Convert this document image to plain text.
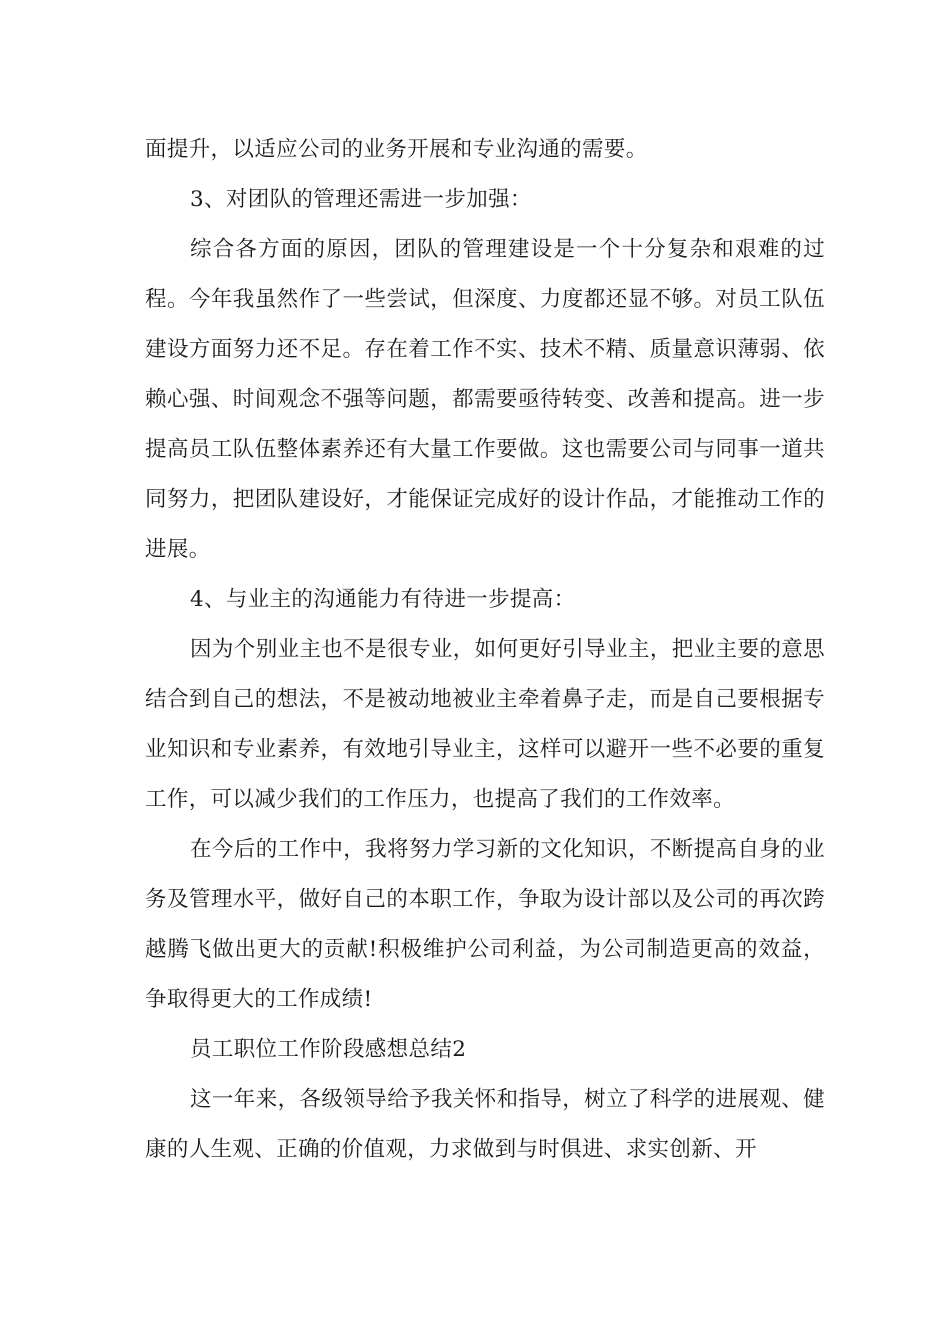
面提升，以适应公司的业务开展和专业沟通的需要。

3、对团队的管理还需进一步加强：

综合各方面的原因，团队的管理建设是一个十分复杂和艰难的过程。今年我虽然作了一些尝试，但深度、力度都还显不够。对员工队伍建设方面努力还不足。存在着工作不实、技术不精、质量意识薄弱、依赖心强、时间观念不强等问题，都需要亟待转变、改善和提高。进一步提高员工队伍整体素养还有大量工作要做。这也需要公司与同事一道共同努力，把团队建设好，才能保证完成好的设计作品，才能推动工作的进展。

4、与业主的沟通能力有待进一步提高：

因为个别业主也不是很专业，如何更好引导业主，把业主要的意思结合到自己的想法，不是被动地被业主牵着鼻子走，而是自己要根据专业知识和专业素养，有效地引导业主，这样可以避开一些不必要的重复工作，可以减少我们的工作压力，也提高了我们的工作效率。

在今后的工作中，我将努力学习新的文化知识，不断提高自身的业务及管理水平，做好自己的本职工作，争取为设计部以及公司的再次跨越腾飞做出更大的贡献!积极维护公司利益，为公司制造更高的效益，争取得更大的工作成绩!

员工职位工作阶段感想总结2

这一年来，各级领导给予我关怀和指导，树立了科学的进展观、健康的人生观、正确的价值观，力求做到与时俱进、求实创新、开
